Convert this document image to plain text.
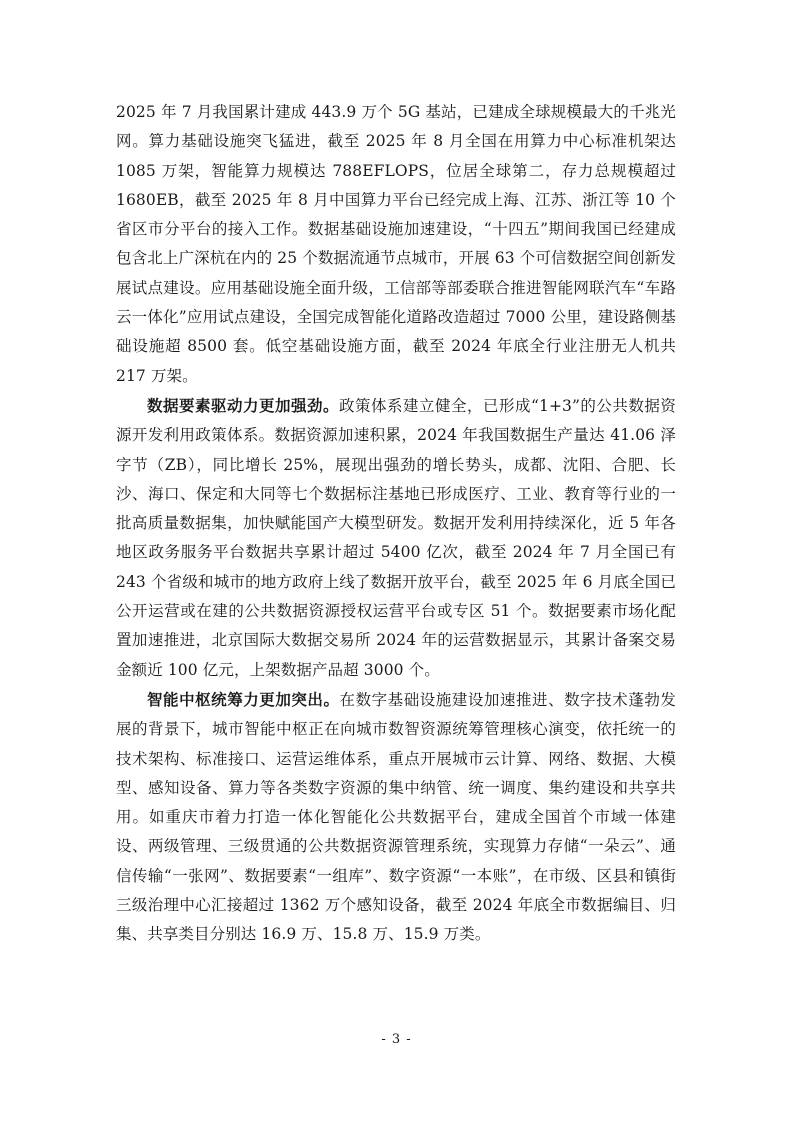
2025 年 7 月我国累计建成 443.9 万个 5G 基站，已建成全球规模最大的千兆光网。算力基础设施突飞猛进，截至 2025 年 8 月全国在用算力中心标准机架达 1085 万架，智能算力规模达 788EFLOPS，位居全球第二，存力总规模超过 1680EB，截至 2025 年 8 月中国算力平台已经完成上海、江苏、浙江等 10 个省区市分平台的接入工作。数据基础设施加速建设，“十四五”期间我国已经建成包含北上广深杭在内的 25 个数据流通节点城市，开展 63 个可信数据空间创新发展试点建设。应用基础设施全面升级，工信部等部委联合推进智能网联汽车“车路云一体化”应用试点建设，全国完成智能化道路改造超过 7000 公里，建设路侧基础设施超 8500 套。低空基础设施方面，截至 2024 年底全行业注册无人机共 217 万架。

数据要素驱动力更加强劲。政策体系建立健全，已形成“1+3”的公共数据资源开发利用政策体系。数据资源加速积累，2024 年我国数据生产量达 41.06 泽字节（ZB），同比增长 25%，展现出强劲的增长势头，成都、沈阳、合肥、长沙、海口、保定和大同等七个数据标注基地已形成医疗、工业、教育等行业的一批高质量数据集，加快赋能国产大模型研发。数据开发利用持续深化，近 5 年各地区政务服务平台数据共享累计超过 5400 亿次，截至 2024 年 7 月全国已有 243 个省级和城市的地方政府上线了数据开放平台，截至 2025 年 6 月底全国已公开运营或在建的公共数据资源授权运营平台或专区 51 个。数据要素市场化配置加速推进，北京国际大数据交易所 2024 年的运营数据显示，其累计备案交易金额近 100 亿元，上架数据产品超 3000 个。

智能中枢统筹力更加突出。在数字基础设施建设加速推进、数字技术蓬勃发展的背景下，城市智能中枢正在向城市数智资源统筹管理核心演变，依托统一的技术架构、标准接口、运营运维体系，重点开展城市云计算、网络、数据、大模型、感知设备、算力等各类数字资源的集中纳管、统一调度、集约建设和共享共用。如重庆市着力打造一体化智能化公共数据平台，建成全国首个市域一体建设、两级管理、三级贯通的公共数据资源管理系统，实现算力存储“一朵云”、通信传输“一张网”、数据要素“一组库”、数字资源“一本账”，在市级、区县和镇街三级治理中心汇接超过 1362 万个感知设备，截至 2024 年底全市数据编目、归集、共享类目分别达 16.9 万、15.8 万、15.9 万类。

- 3 -
